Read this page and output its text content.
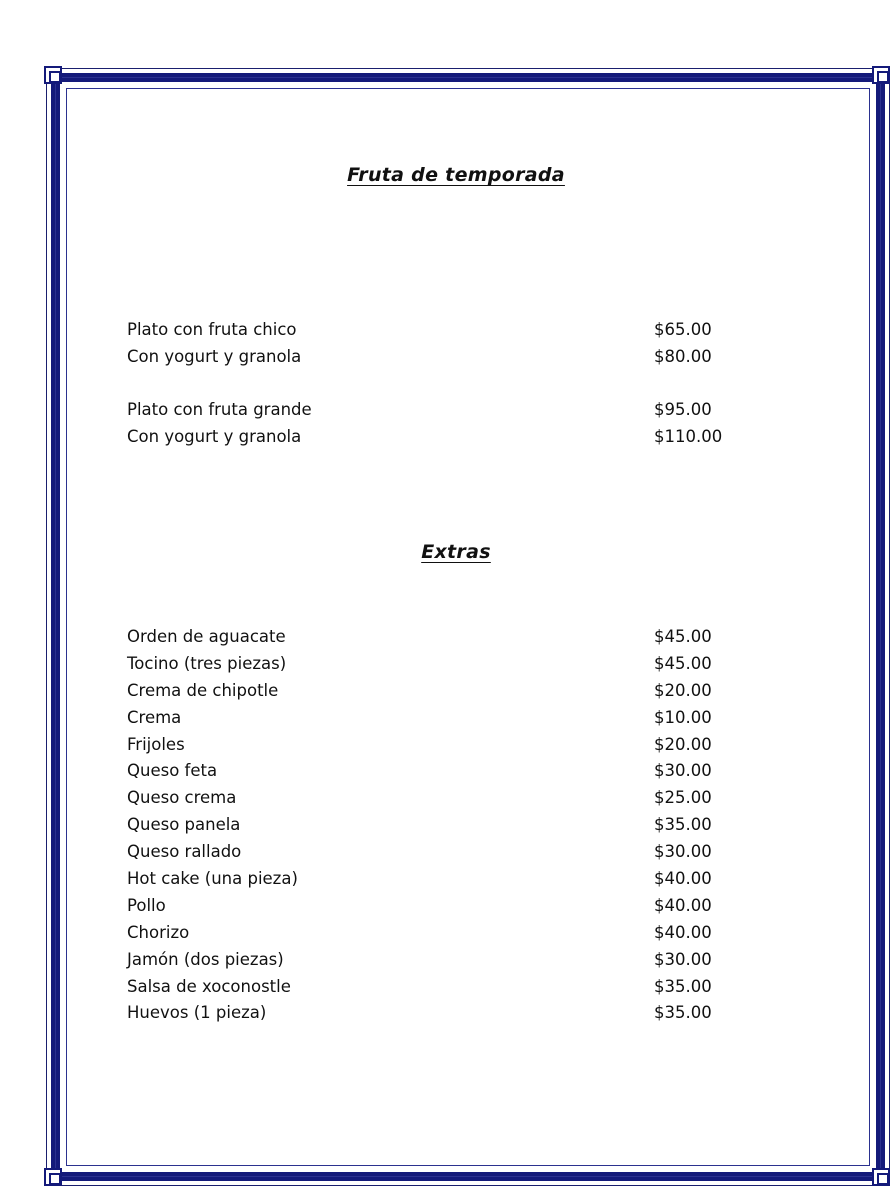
Fruta de temporada
Plato con fruta chico	$65.00
Con yogurt y granola	$80.00
Plato con fruta grande	$95.00
Con yogurt y granola	$110.00
Extras
Orden de aguacate	$45.00
Tocino (tres piezas)	$45.00
Crema de chipotle	$20.00
Crema	$10.00
Frijoles	$20.00
Queso feta	$30.00
Queso crema	$25.00
Queso panela	$35.00
Queso rallado	$30.00
Hot cake (una pieza)	$40.00
Pollo	$40.00
Chorizo	$40.00
Jamón (dos piezas)	$30.00
Salsa de xoconostle	$35.00
Huevos (1 pieza)	$35.00
